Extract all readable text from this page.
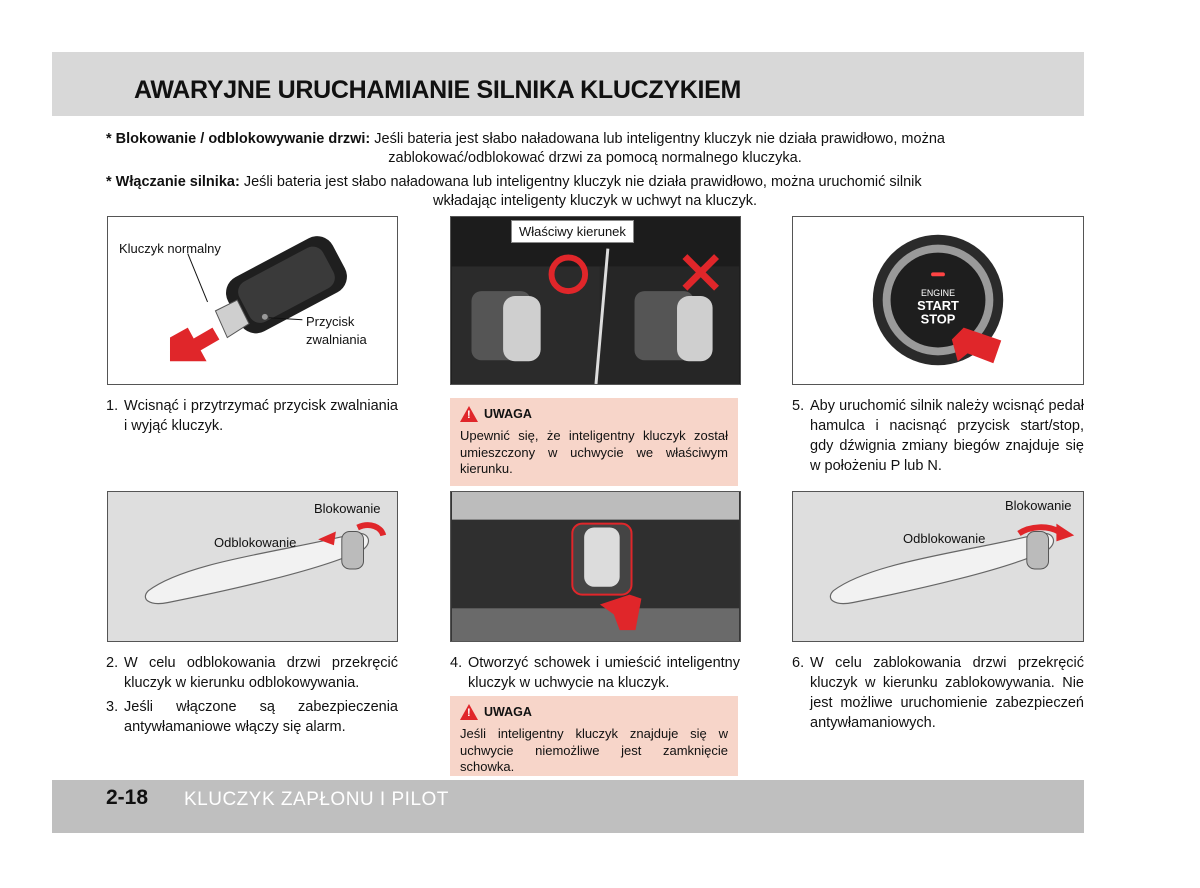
AWARYJNE URUCHAMIANIE SILNIKA KLUCZYKIEM
* Blokowanie / odblokowywanie drzwi: Jeśli bateria jest słabo naładowana lub inteligentny kluczyk nie działa prawidłowo, można
zablokować/odblokować drzwi za pomocą normalnego kluczyka.
* Włączanie silnika: Jeśli bateria jest słabo naładowana lub inteligentny kluczyk nie działa prawidłowo, można uruchomić silnik
wkładając inteligenty kluczyk w uchwyt na kluczyk.
Kluczyk normalny
Przycisk
zwalniania
Właściwy kierunek
ENGINE
START
STOP
1. Wcisnąć i przytrzymać przycisk zwalniania i wyjąć kluczyk.
!
UWAGA
Upewnić się, że inteligentny kluczyk został umieszczony w uchwycie we właściwym kierunku.
5. Aby uruchomić silnik należy wcisnąć pedał hamulca i nacisnąć przycisk start/stop, gdy dźwignia zmiany biegów znajduje się w położeniu P lub N.
Blokowanie
Odblokowanie
Blokowanie
Odblokowanie
2. W celu odblokowania drzwi przekręcić kluczyk w kierunku odblokowywania.
3. Jeśli włączone są zabezpieczenia antywłamaniowe włączy się alarm.
4. Otworzyć schowek i umieścić inteligentny kluczyk w uchwycie na kluczyk.
!
UWAGA
Jeśli inteligentny kluczyk znajduje się w uchwycie niemożliwe jest zamknięcie schowka.
6. W celu zablokowania drzwi przekręcić kluczyk w kierunku zablokowywania. Nie jest możliwe uruchomienie zabezpieczeń antywłamaniowych.
2-18 KLUCZYK ZAPŁONU I PILOT
